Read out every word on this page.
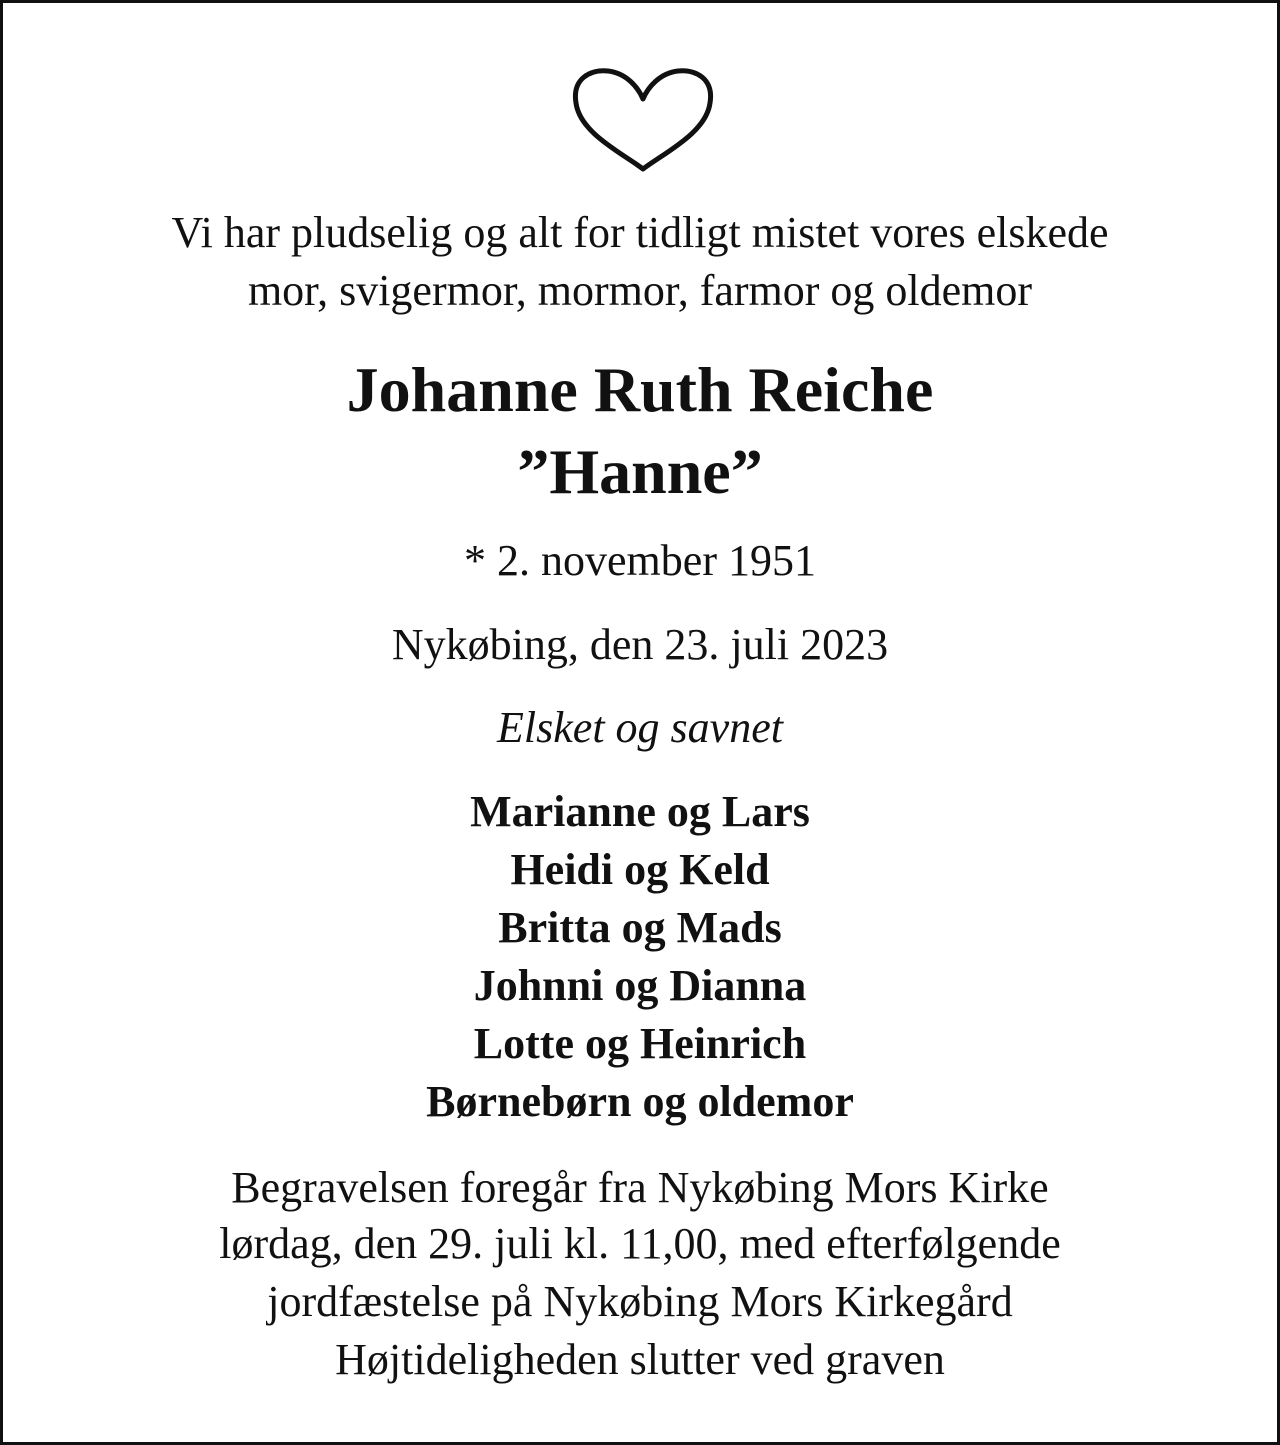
Vi har pludselig og alt for tidligt mistet vores elskede
mor, svigermor, mormor, farmor og oldemor
Johanne Ruth Reiche
”Hanne”
* 2. november 1951
Nykøbing, den 23. juli 2023
Elsket og savnet
Marianne og Lars
Heidi og Keld
Britta og Mads
Johnni og Dianna
Lotte og Heinrich
Børnebørn og oldemor
Begravelsen foregår fra Nykøbing Mors Kirke
lørdag, den 29. juli kl. 11,00, med efterfølgende
jordfæstelse på Nykøbing Mors Kirkegård
Højtideligheden slutter ved graven
